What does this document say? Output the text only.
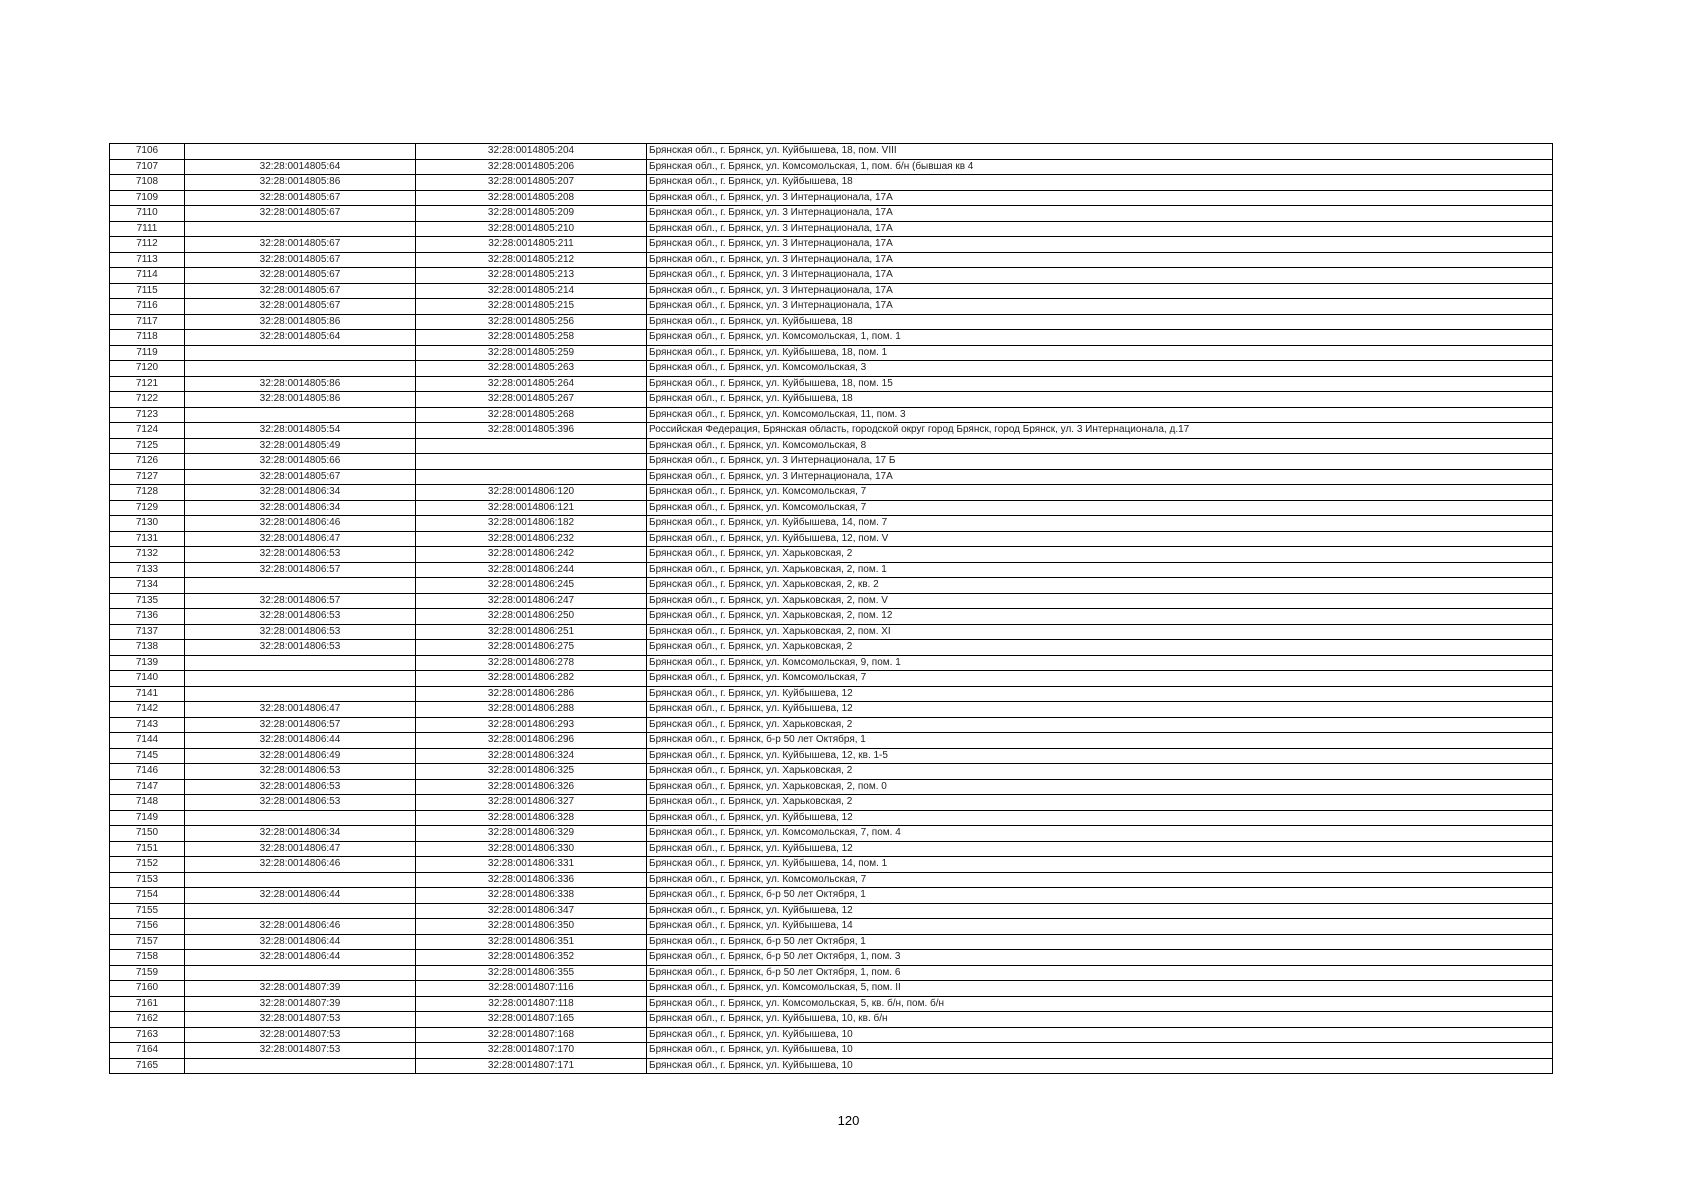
7106		32:28:0014805:204	Брянская обл., г. Брянск, ул. Куйбышева, 18, пом. VIII
7107	32:28:0014805:64	32:28:0014805:206	Брянская обл., г. Брянск, ул. Комсомольская, 1, пом. б/н (бывшая кв 4
7108	32:28:0014805:86	32:28:0014805:207	Брянская обл., г. Брянск, ул. Куйбышева, 18
7109	32:28:0014805:67	32:28:0014805:208	Брянская обл., г. Брянск, ул. 3 Интернационала, 17А
7110	32:28:0014805:67	32:28:0014805:209	Брянская обл., г. Брянск, ул. 3 Интернационала, 17А
7111		32:28:0014805:210	Брянская обл., г. Брянск, ул. 3 Интернационала, 17А
7112	32:28:0014805:67	32:28:0014805:211	Брянская обл., г. Брянск, ул. 3 Интернационала, 17А
7113	32:28:0014805:67	32:28:0014805:212	Брянская обл., г. Брянск, ул. 3 Интернационала, 17А
7114	32:28:0014805:67	32:28:0014805:213	Брянская обл., г. Брянск, ул. 3 Интернационала, 17А
7115	32:28:0014805:67	32:28:0014805:214	Брянская обл., г. Брянск, ул. 3 Интернационала, 17А
7116	32:28:0014805:67	32:28:0014805:215	Брянская обл., г. Брянск, ул. 3 Интернационала, 17А
7117	32:28:0014805:86	32:28:0014805:256	Брянская обл., г. Брянск, ул. Куйбышева, 18
7118	32:28:0014805:64	32:28:0014805:258	Брянская обл., г. Брянск, ул. Комсомольская, 1, пом. 1
7119		32:28:0014805:259	Брянская обл., г. Брянск, ул. Куйбышева, 18, пом. 1
7120		32:28:0014805:263	Брянская обл., г. Брянск, ул. Комсомольская, 3
7121	32:28:0014805:86	32:28:0014805:264	Брянская обл., г. Брянск, ул. Куйбышева, 18, пом. 15
7122	32:28:0014805:86	32:28:0014805:267	Брянская обл., г. Брянск, ул. Куйбышева, 18
7123		32:28:0014805:268	Брянская обл., г. Брянск, ул. Комсомольская, 11, пом. 3
7124	32:28:0014805:54	32:28:0014805:396	Российская Федерация, Брянская область, городской округ город Брянск, город Брянск, ул. 3 Интернационала, д.17
7125	32:28:0014805:49		Брянская обл., г. Брянск, ул. Комсомольская, 8
7126	32:28:0014805:66		Брянская обл., г. Брянск, ул. 3 Интернационала, 17 Б
7127	32:28:0014805:67		Брянская обл., г. Брянск, ул. 3 Интернационала, 17А
7128	32:28:0014806:34	32:28:0014806:120	Брянская обл., г. Брянск, ул. Комсомольская, 7
7129	32:28:0014806:34	32:28:0014806:121	Брянская обл., г. Брянск, ул. Комсомольская, 7
7130	32:28:0014806:46	32:28:0014806:182	Брянская обл., г. Брянск, ул. Куйбышева, 14, пом. 7
7131	32:28:0014806:47	32:28:0014806:232	Брянская обл., г. Брянск, ул. Куйбышева, 12, пом. V
7132	32:28:0014806:53	32:28:0014806:242	Брянская обл., г. Брянск, ул. Харьковская, 2
7133	32:28:0014806:57	32:28:0014806:244	Брянская обл., г. Брянск, ул. Харьковская, 2, пом. 1
7134		32:28:0014806:245	Брянская обл., г. Брянск, ул. Харьковская, 2, кв. 2
7135	32:28:0014806:57	32:28:0014806:247	Брянская обл., г. Брянск, ул. Харьковская, 2, пом. V
7136	32:28:0014806:53	32:28:0014806:250	Брянская обл., г. Брянск, ул. Харьковская, 2, пом. 12
7137	32:28:0014806:53	32:28:0014806:251	Брянская обл., г. Брянск, ул. Харьковская, 2, пом. XI
7138	32:28:0014806:53	32:28:0014806:275	Брянская обл., г. Брянск, ул. Харьковская, 2
7139		32:28:0014806:278	Брянская обл., г. Брянск, ул. Комсомольская, 9, пом. 1
7140		32:28:0014806:282	Брянская обл., г. Брянск, ул. Комсомольская, 7
7141		32:28:0014806:286	Брянская обл., г. Брянск, ул. Куйбышева, 12
7142	32:28:0014806:47	32:28:0014806:288	Брянская обл., г. Брянск, ул. Куйбышева, 12
7143	32:28:0014806:57	32:28:0014806:293	Брянская обл., г. Брянск, ул. Харьковская, 2
7144	32:28:0014806:44	32:28:0014806:296	Брянская обл., г. Брянск, б-р 50 лет Октября, 1
7145	32:28:0014806:49	32:28:0014806:324	Брянская обл., г. Брянск, ул. Куйбышева, 12, кв. 1-5
7146	32:28:0014806:53	32:28:0014806:325	Брянская обл., г. Брянск, ул. Харьковская, 2
7147	32:28:0014806:53	32:28:0014806:326	Брянская обл., г. Брянск, ул. Харьковская, 2, пом. 0
7148	32:28:0014806:53	32:28:0014806:327	Брянская обл., г. Брянск, ул. Харьковская, 2
7149		32:28:0014806:328	Брянская обл., г. Брянск, ул. Куйбышева, 12
7150	32:28:0014806:34	32:28:0014806:329	Брянская обл., г. Брянск, ул. Комсомольская, 7, пом. 4
7151	32:28:0014806:47	32:28:0014806:330	Брянская обл., г. Брянск, ул. Куйбышева, 12
7152	32:28:0014806:46	32:28:0014806:331	Брянская обл., г. Брянск, ул. Куйбышева, 14, пом. 1
7153		32:28:0014806:336	Брянская обл., г. Брянск, ул. Комсомольская, 7
7154	32:28:0014806:44	32:28:0014806:338	Брянская обл., г. Брянск, б-р 50 лет Октября, 1
7155		32:28:0014806:347	Брянская обл., г. Брянск, ул. Куйбышева, 12
7156	32:28:0014806:46	32:28:0014806:350	Брянская обл., г. Брянск, ул. Куйбышева, 14
7157	32:28:0014806:44	32:28:0014806:351	Брянская обл., г. Брянск, б-р 50 лет Октября, 1
7158	32:28:0014806:44	32:28:0014806:352	Брянская обл., г. Брянск, б-р 50 лет Октября, 1, пом. 3
7159		32:28:0014806:355	Брянская обл., г. Брянск, б-р 50 лет Октября, 1, пом. 6
7160	32:28:0014807:39	32:28:0014807:116	Брянская обл., г. Брянск, ул. Комсомольская, 5, пом. II
7161	32:28:0014807:39	32:28:0014807:118	Брянская обл., г. Брянск, ул. Комсомольская, 5, кв. б/н, пом. б/н
7162	32:28:0014807:53	32:28:0014807:165	Брянская обл., г. Брянск, ул. Куйбышева, 10, кв. б/н
7163	32:28:0014807:53	32:28:0014807:168	Брянская обл., г. Брянск, ул. Куйбышева, 10
7164	32:28:0014807:53	32:28:0014807:170	Брянская обл., г. Брянск, ул. Куйбышева, 10
7165		32:28:0014807:171	Брянская обл., г. Брянск, ул. Куйбышева, 10
120
